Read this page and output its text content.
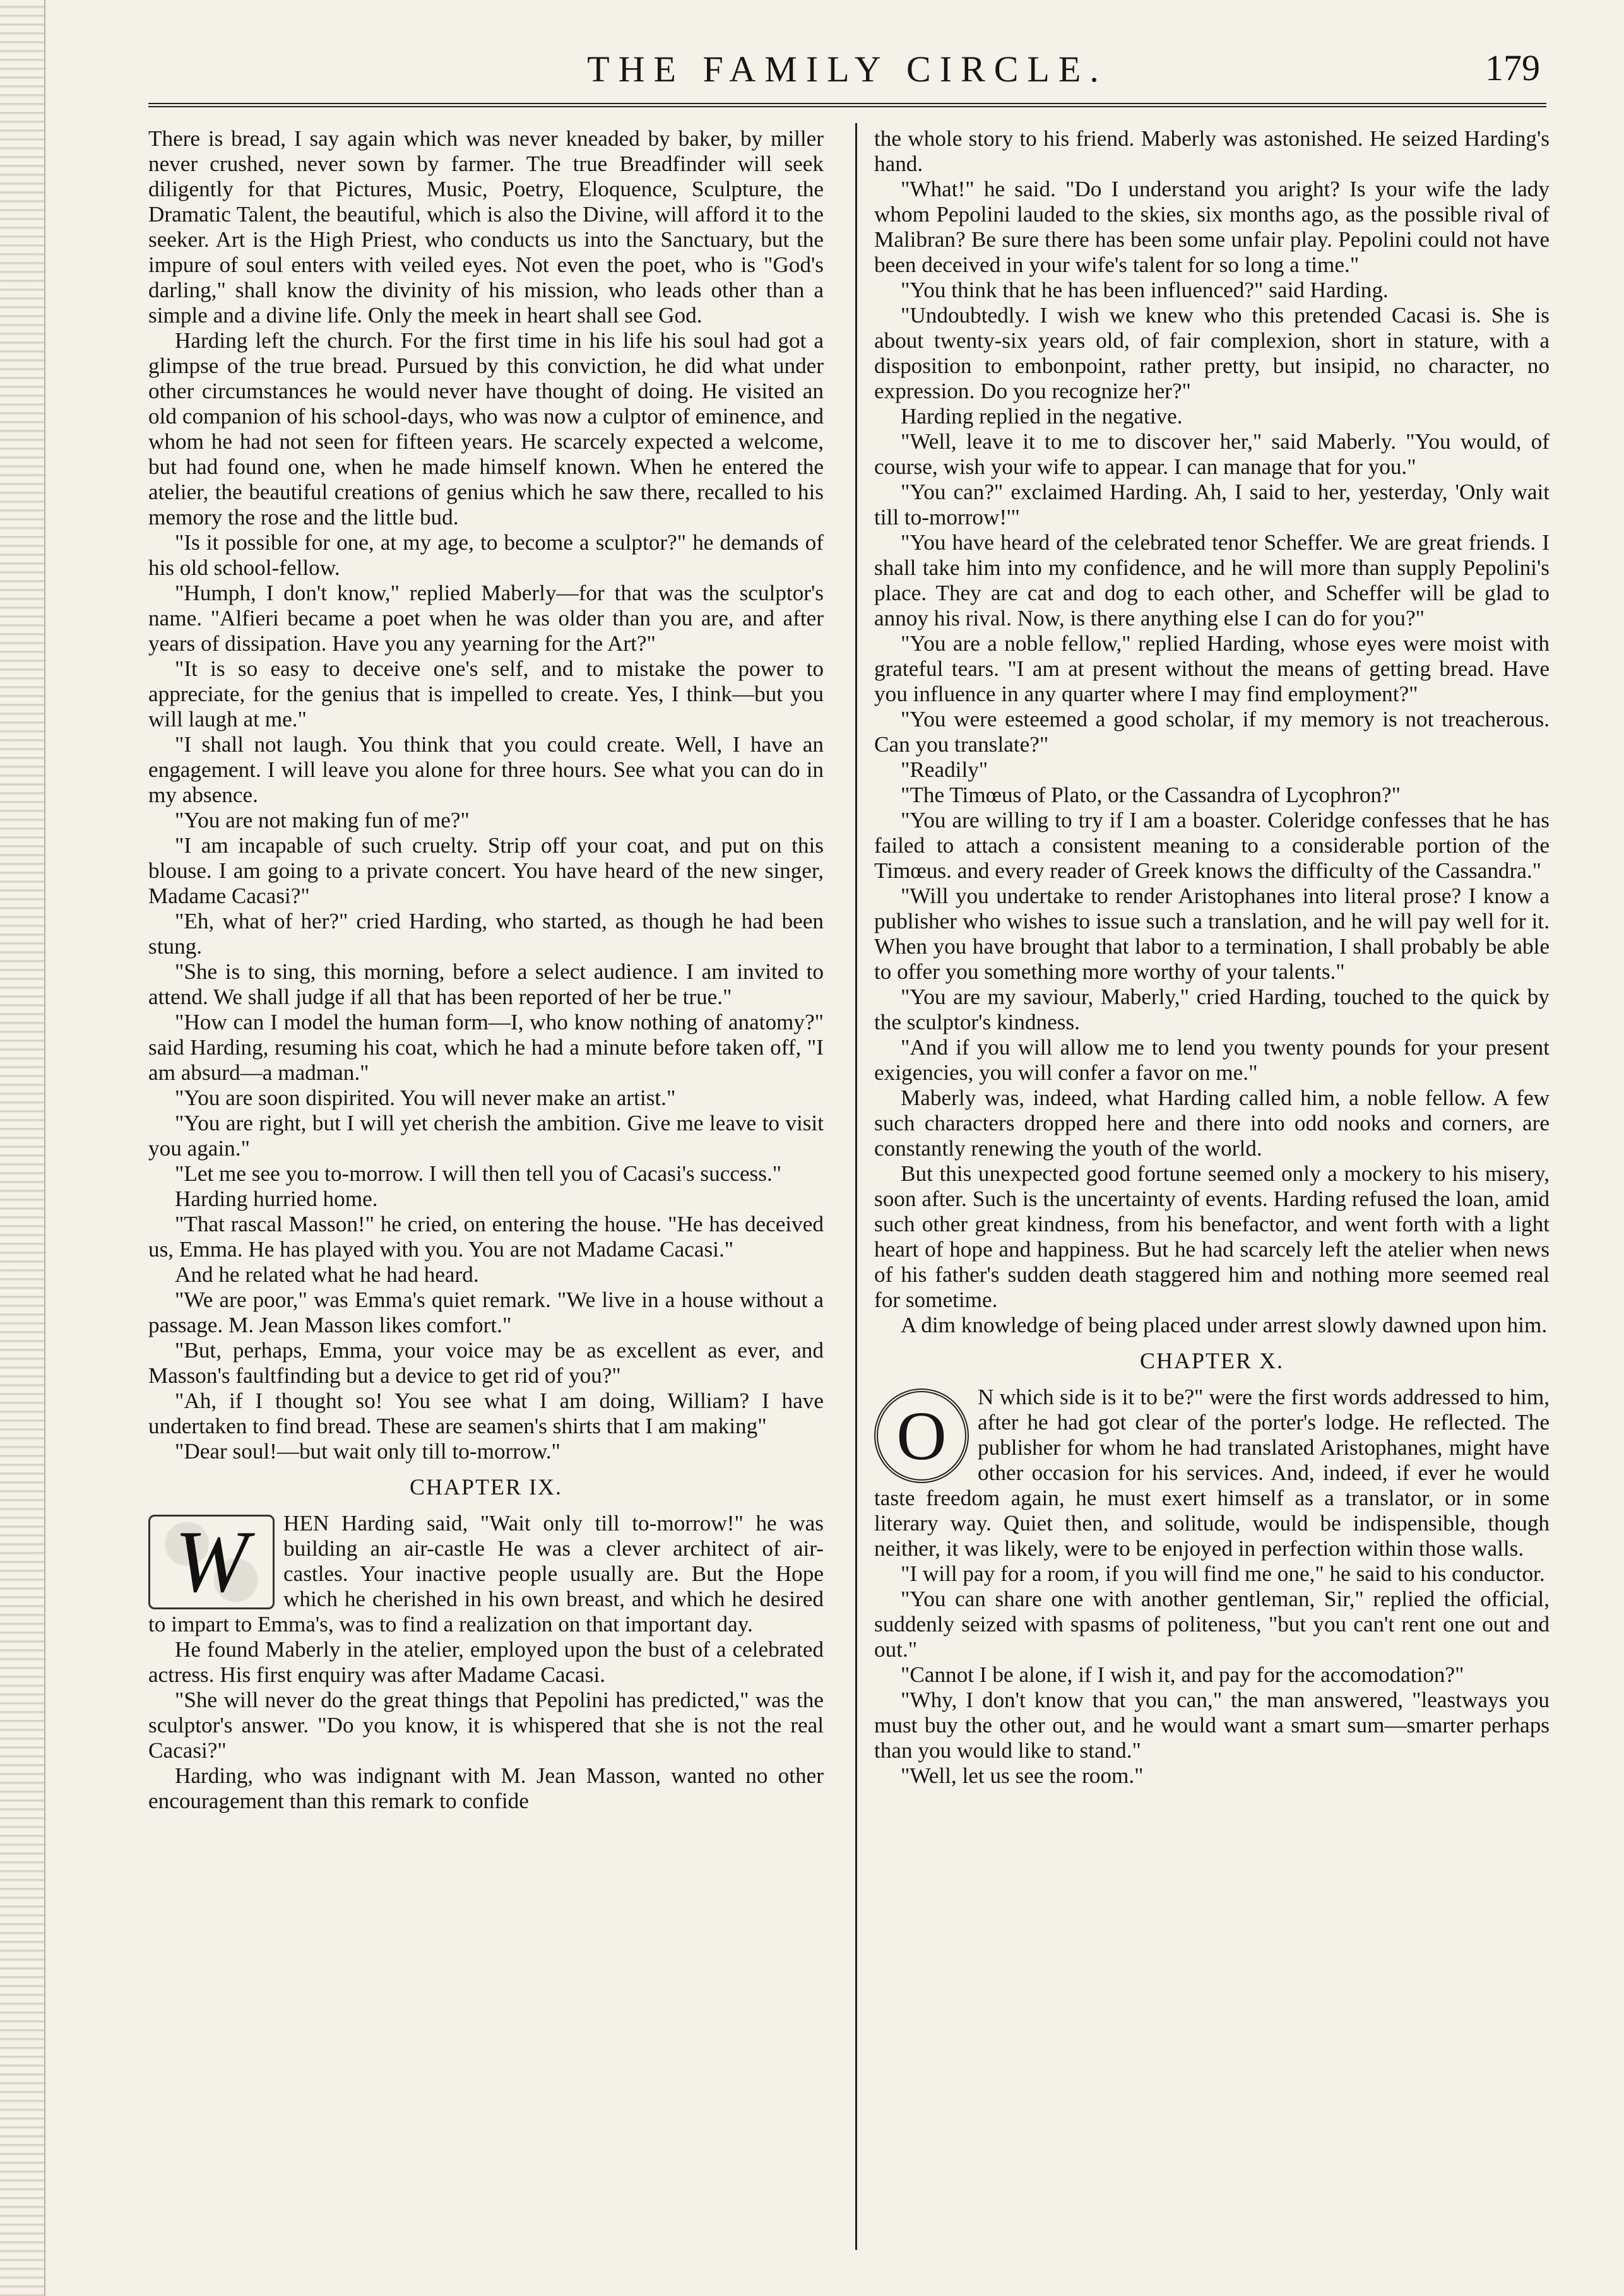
THE FAMILY CIRCLE.	179

There is bread, I say again which was never kneaded by baker, by miller never crushed, never sown by farmer. The true Breadfinder will seek diligently for that Pictures, Music, Poetry, Eloquence, Sculpture, the Dramatic Talent, the beautiful, which is also the Divine, will afford it to the seeker. Art is the High Priest, who conducts us into the Sanctuary, but the impure of soul enters with veiled eyes. Not even the poet, who is "God's darling," shall know the divinity of his mission, who leads other than a simple and a divine life. Only the meek in heart shall see God.

Harding left the church. For the first time in his life his soul had got a glimpse of the true bread. Pursued by this conviction, he did what under other circumstances he would never have thought of doing. He visited an old companion of his school-days, who was now a culptor of eminence, and whom he had not seen for fifteen years. He scarcely expected a welcome, but had found one, when he made himself known. When he entered the atelier, the beautiful creations of genius which he saw there, recalled to his memory the rose and the little bud.

"Is it possible for one, at my age, to become a sculptor?" he demands of his old school-fellow.

"Humph, I don't know," replied Maberly—for that was the sculptor's name. "Alfieri became a poet when he was older than you are, and after years of dissipation. Have you any yearning for the Art?"

"It is so easy to deceive one's self, and to mistake the power to appreciate, for the genius that is impelled to create. Yes, I think—but you will laugh at me."

"I shall not laugh. You think that you could create. Well, I have an engagement. I will leave you alone for three hours. See what you can do in my absence.

"You are not making fun of me?"

"I am incapable of such cruelty. Strip off your coat, and put on this blouse. I am going to a private concert. You have heard of the new singer, Madame Cacasi?"

"Eh, what of her?" cried Harding, who started, as though he had been stung.

"She is to sing, this morning, before a select audience. I am invited to attend. We shall judge if all that has been reported of her be true."

"How can I model the human form—I, who know nothing of anatomy?" said Harding, resuming his coat, which he had a minute before taken off, "I am absurd—a madman."

"You are soon dispirited. You will never make an artist."

"You are right, but I will yet cherish the ambition. Give me leave to visit you again."

"Let me see you to-morrow. I will then tell you of Cacasi's success."

Harding hurried home.

"That rascal Masson!" he cried, on entering the house. "He has deceived us, Emma. He has played with you. You are not Madame Cacasi."

And he related what he had heard.

"We are poor," was Emma's quiet remark. "We live in a house without a passage. M. Jean Masson likes comfort."

"But, perhaps, Emma, your voice may be as excellent as ever, and Masson's faultfinding but a device to get rid of you?"

"Ah, if I thought so! You see what I am doing, William? I have undertaken to find bread. These are seamen's shirts that I am making"

"Dear soul!—but wait only till to-morrow."

CHAPTER IX.

W	HEN Harding said, "Wait only till to-morrow!" he was building an air-castle He was a clever architect of air-castles. Your inactive people usually are. But the Hope which he cherished in his own breast, and which he desired to impart to Emma's, was to find a realization on that important day.

He found Maberly in the atelier, employed upon the bust of a celebrated actress. His first enquiry was after Madame Cacasi.

"She will never do the great things that Pepolini has predicted," was the sculptor's answer. "Do you know, it is whispered that she is not the real Cacasi?"

Harding, who was indignant with M. Jean Masson, wanted no other encouragement than this remark to confide

the whole story to his friend. Maberly was astonished. He seized Harding's hand.

"What!" he said. "Do I understand you aright? Is your wife the lady whom Pepolini lauded to the skies, six months ago, as the possible rival of Malibran? Be sure there has been some unfair play. Pepolini could not have been deceived in your wife's talent for so long a time."

"You think that he has been influenced?" said Harding.

"Undoubtedly. I wish we knew who this pretended Cacasi is. She is about twenty-six years old, of fair complexion, short in stature, with a disposition to embonpoint, rather pretty, but insipid, no character, no expression. Do you recognize her?"

Harding replied in the negative.

"Well, leave it to me to discover her," said Maberly. "You would, of course, wish your wife to appear. I can manage that for you."

"You can?" exclaimed Harding. Ah, I said to her, yesterday, 'Only wait till to-morrow!'"

"You have heard of the celebrated tenor Scheffer. We are great friends. I shall take him into my confidence, and he will more than supply Pepolini's place. They are cat and dog to each other, and Scheffer will be glad to annoy his rival. Now, is there anything else I can do for you?"

"You are a noble fellow," replied Harding, whose eyes were moist with grateful tears. "I am at present without the means of getting bread. Have you influence in any quarter where I may find employment?"

"You were esteemed a good scholar, if my memory is not treacherous. Can you translate?"

"Readily"

"The Timœus of Plato, or the Cassandra of Lycophron?"

"You are willing to try if I am a boaster. Coleridge confesses that he has failed to attach a consistent meaning to a considerable portion of the Timœus. and every reader of Greek knows the difficulty of the Cassandra."

"Will you undertake to render Aristophanes into literal prose? I know a publisher who wishes to issue such a translation, and he will pay well for it. When you have brought that labor to a termination, I shall probably be able to offer you something more worthy of your talents."

"You are my saviour, Maberly," cried Harding, touched to the quick by the sculptor's kindness.

"And if you will allow me to lend you twenty pounds for your present exigencies, you will confer a favor on me."

Maberly was, indeed, what Harding called him, a noble fellow. A few such characters dropped here and there into odd nooks and corners, are constantly renewing the youth of the world.

But this unexpected good fortune seemed only a mockery to his misery, soon after. Such is the uncertainty of events. Harding refused the loan, amid such other great kindness, from his benefactor, and went forth with a light heart of hope and happiness. But he had scarcely left the atelier when news of his father's sudden death staggered him and nothing more seemed real for sometime.

A dim knowledge of being placed under arrest slowly dawned upon him.

CHAPTER X.

O
N which side is it to be?" were the first words addressed to him, after he had got clear of the porter's lodge. He reflected. The publisher for whom he had translated Aristophanes, might have other occasion for his services. And, indeed, if ever he would taste freedom again, he must exert himself as a translator, or in some literary way. Quiet then, and solitude, would be indispensible, though neither, it was likely, were to be enjoyed in perfection within those walls.

"I will pay for a room, if you will find me one," he said to his conductor.

"You can share one with another gentleman, Sir," replied the official, suddenly seized with spasms of politeness, "but you can't rent one out and out."

"Cannot I be alone, if I wish it, and pay for the accomodation?"

"Why, I don't know that you can," the man answered, "leastways you must buy the other out, and he would want a smart sum—smarter perhaps than you would like to stand."

"Well, let us see the room."
